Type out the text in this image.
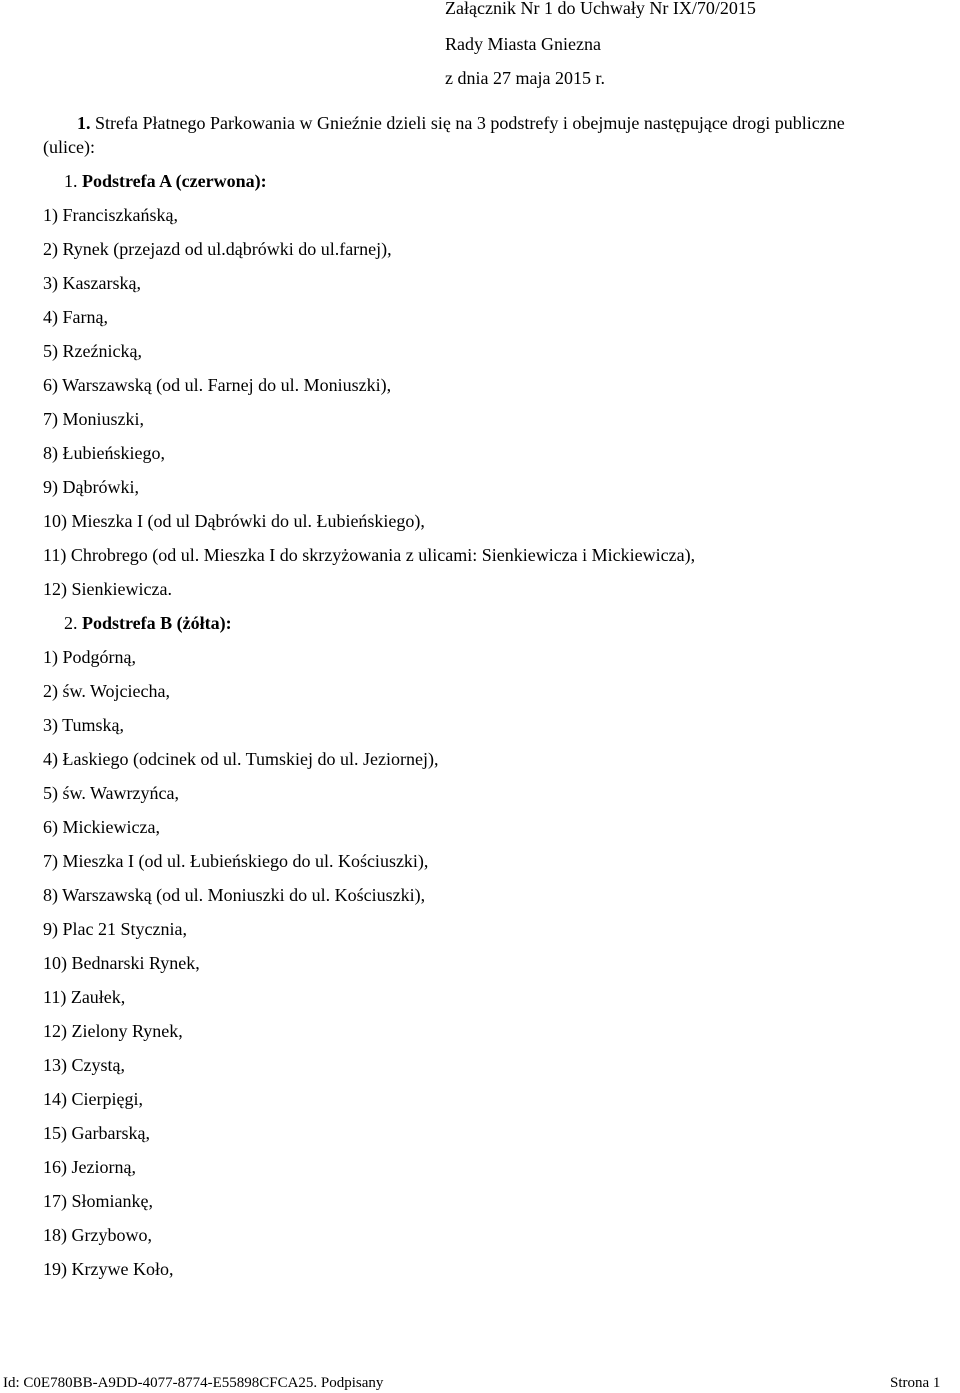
Załącznik Nr 1 do Uchwały Nr IX/70/2015
Rady Miasta Gniezna
z dnia 27 maja 2015 r.
1. Strefa Płatnego Parkowania w Gnieźnie dzieli się na 3 podstrefy i obejmuje następujące drogi publiczne
(ulice):
1. Podstrefa A (czerwona):
1) Franciszkańską,
2) Rynek (przejazd od ul.dąbrówki do ul.farnej),
3) Kaszarską,
4) Farną,
5) Rzeźnicką,
6) Warszawską (od ul. Farnej do ul. Moniuszki),
7) Moniuszki,
8) Łubieńskiego,
9) Dąbrówki,
10) Mieszka I (od ul Dąbrówki do ul. Łubieńskiego),
11) Chrobrego (od ul. Mieszka I do skrzyżowania z ulicami: Sienkiewicza i Mickiewicza),
12) Sienkiewicza.
2. Podstrefa B (żółta):
1) Podgórną,
2) św. Wojciecha,
3) Tumską,
4) Łaskiego (odcinek od ul. Tumskiej do ul. Jeziornej),
5) św. Wawrzyńca,
6) Mickiewicza,
7) Mieszka I (od ul. Łubieńskiego do ul. Kościuszki),
8) Warszawską (od ul. Moniuszki do ul. Kościuszki),
9) Plac 21 Stycznia,
10) Bednarski Rynek,
11) Zaułek,
12) Zielony Rynek,
13) Czystą,
14) Cierpięgi,
15) Garbarską,
16) Jeziorną,
17) Słomiankę,
18) Grzybowo,
19) Krzywe Koło,
Id: C0E780BB-A9DD-4077-8774-E55898CFCA25. Podpisany	Strona 1
